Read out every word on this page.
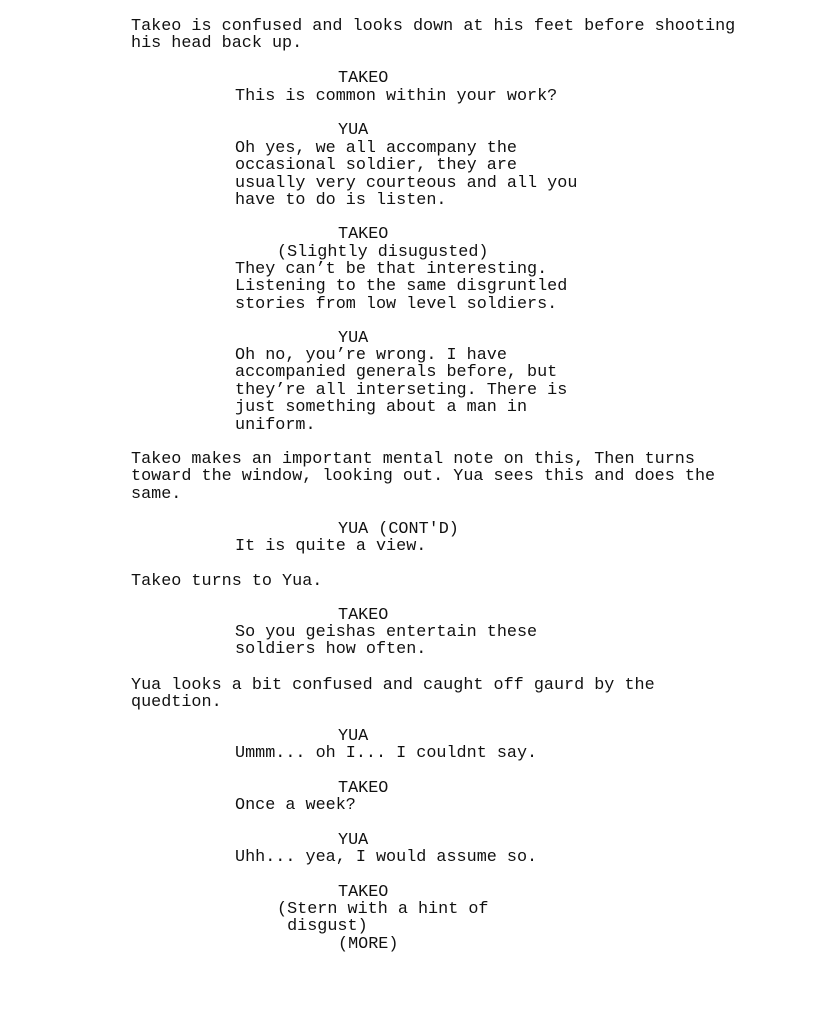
Takeo is confused and looks down at his feet before shooting
his head back up.

TAKEO

This is common within your work?

YUA

Oh yes, we all accompany the
occasional soldier, they are
usually very courteous and all you
have to do is listen.

TAKEO

(Slightly disugusted)

They can’t be that interesting.
Listening to the same disgruntled
stories from low level soldiers.

YUA

Oh no, you’re wrong. I have
accompanied generals before, but
they’re all interseting. There is
just something about a man in
uniform.

Takeo makes an important mental note on this, Then turns
toward the window, looking out. Yua sees this and does the
same.

YUA (CONT'D)

It is quite a view.

Takeo turns to Yua.

TAKEO

So you geishas entertain these
soldiers how often.

Yua looks a bit confused and caught off gaurd by the
quedtion.

YUA

Ummm... oh I... I couldnt say.

TAKEO

Once a week?

YUA

Uhh... yea, I would assume so.

TAKEO

(Stern with a hint of
disgust)

(MORE)
